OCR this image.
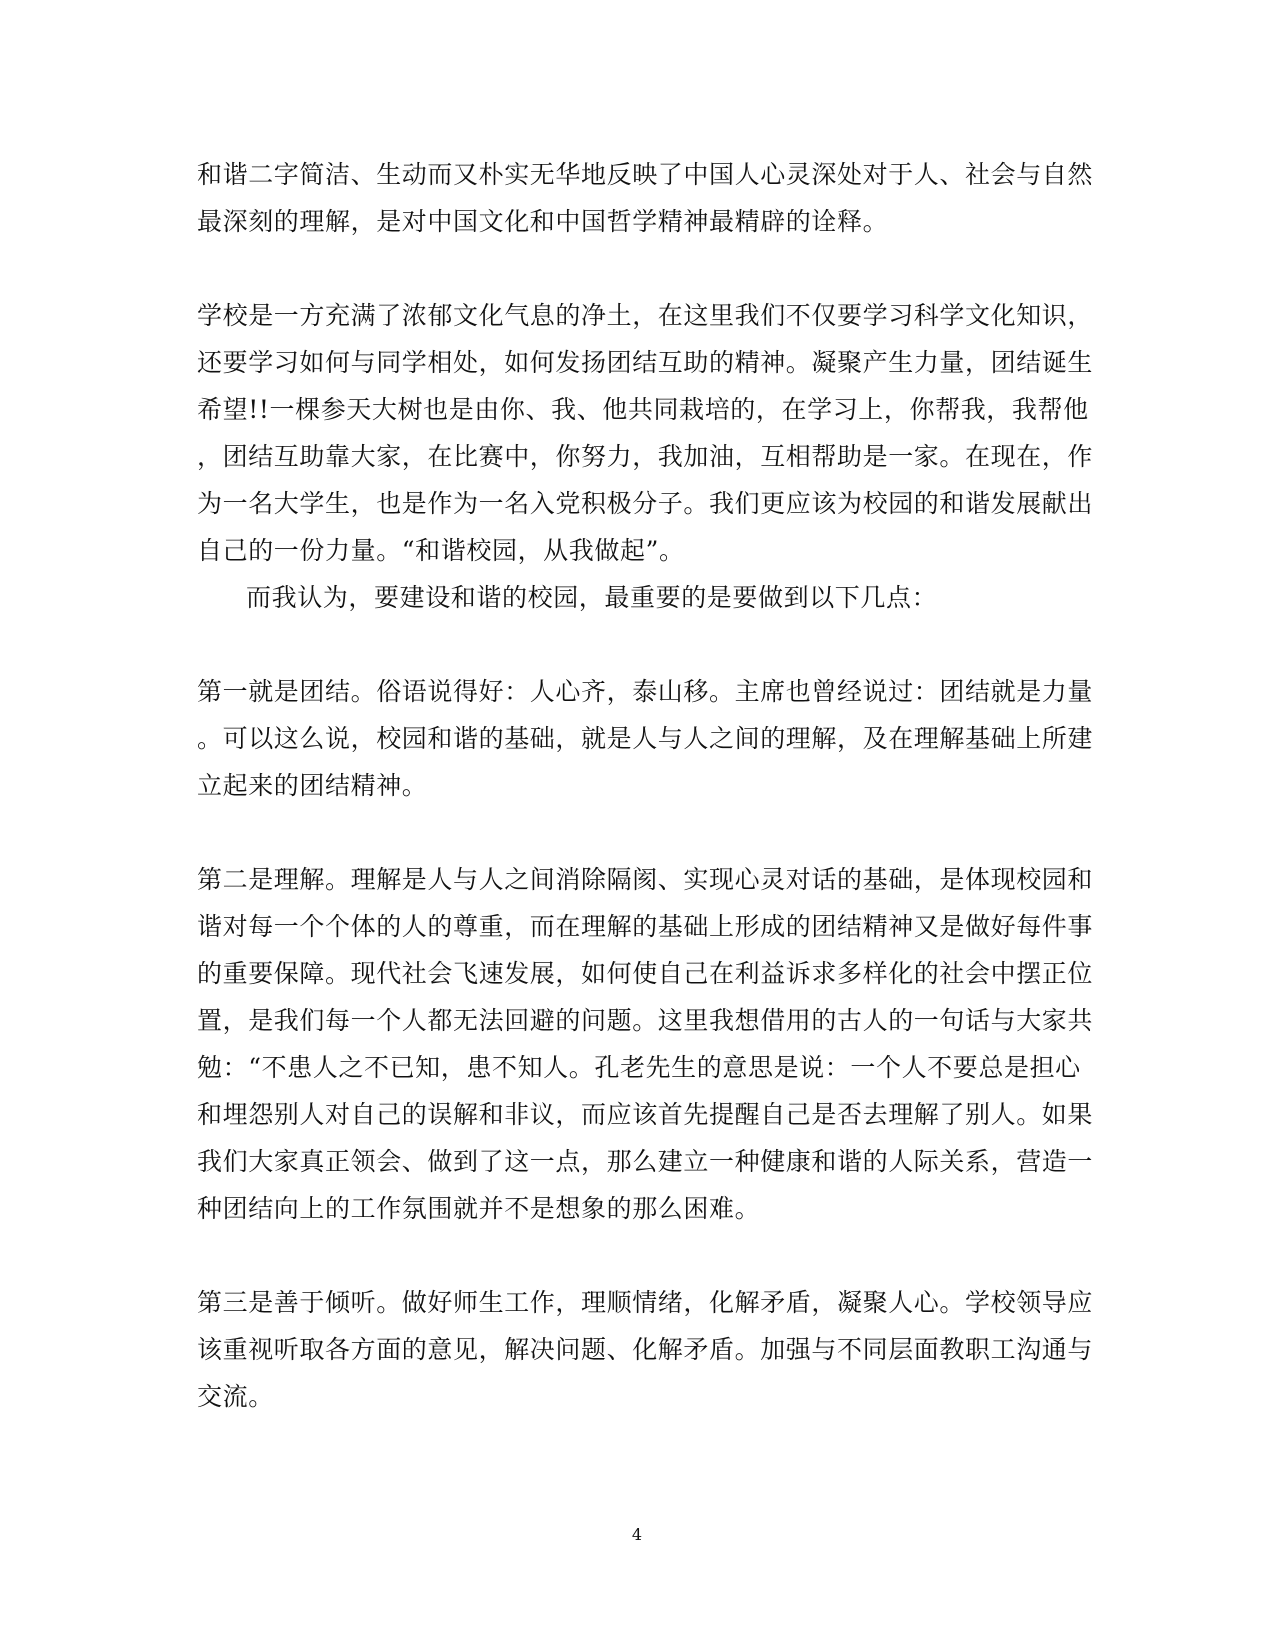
和谐二字简洁、生动而又朴实无华地反映了中国人心灵深处对于人、社会与自然
最深刻的理解，是对中国文化和中国哲学精神最精辟的诠释。
学校是一方充满了浓郁文化气息的净土，在这里我们不仅要学习科学文化知识，
还要学习如何与同学相处，如何发扬团结互助的精神。凝聚产生力量，团结诞生
希望!!一棵参天大树也是由你、我、他共同栽培的，在学习上，你帮我，我帮他
，团结互助靠大家，在比赛中，你努力，我加油，互相帮助是一家。在现在，作
为一名大学生，也是作为一名入党积极分子。我们更应该为校园的和谐发展献出
自己的一份力量。“和谐校园，从我做起”。
而我认为，要建设和谐的校园，最重要的是要做到以下几点：
第一就是团结。俗语说得好：人心齐，泰山移。主席也曾经说过：团结就是力量
。可以这么说，校园和谐的基础，就是人与人之间的理解，及在理解基础上所建
立起来的团结精神。
第二是理解。理解是人与人之间消除隔阂、实现心灵对话的基础，是体现校园和
谐对每一个个体的人的尊重，而在理解的基础上形成的团结精神又是做好每件事
的重要保障。现代社会飞速发展，如何使自己在利益诉求多样化的社会中摆正位
置，是我们每一个人都无法回避的问题。这里我想借用的古人的一句话与大家共
勉：“不患人之不已知，患不知人。孔老先生的意思是说：一个人不要总是担心
和埋怨别人对自己的误解和非议，而应该首先提醒自己是否去理解了别人。如果
我们大家真正领会、做到了这一点，那么建立一种健康和谐的人际关系，营造一
种团结向上的工作氛围就并不是想象的那么困难。
第三是善于倾听。做好师生工作，理顺情绪，化解矛盾，凝聚人心。学校领导应
该重视听取各方面的意见，解决问题、化解矛盾。加强与不同层面教职工沟通与
交流。
4
